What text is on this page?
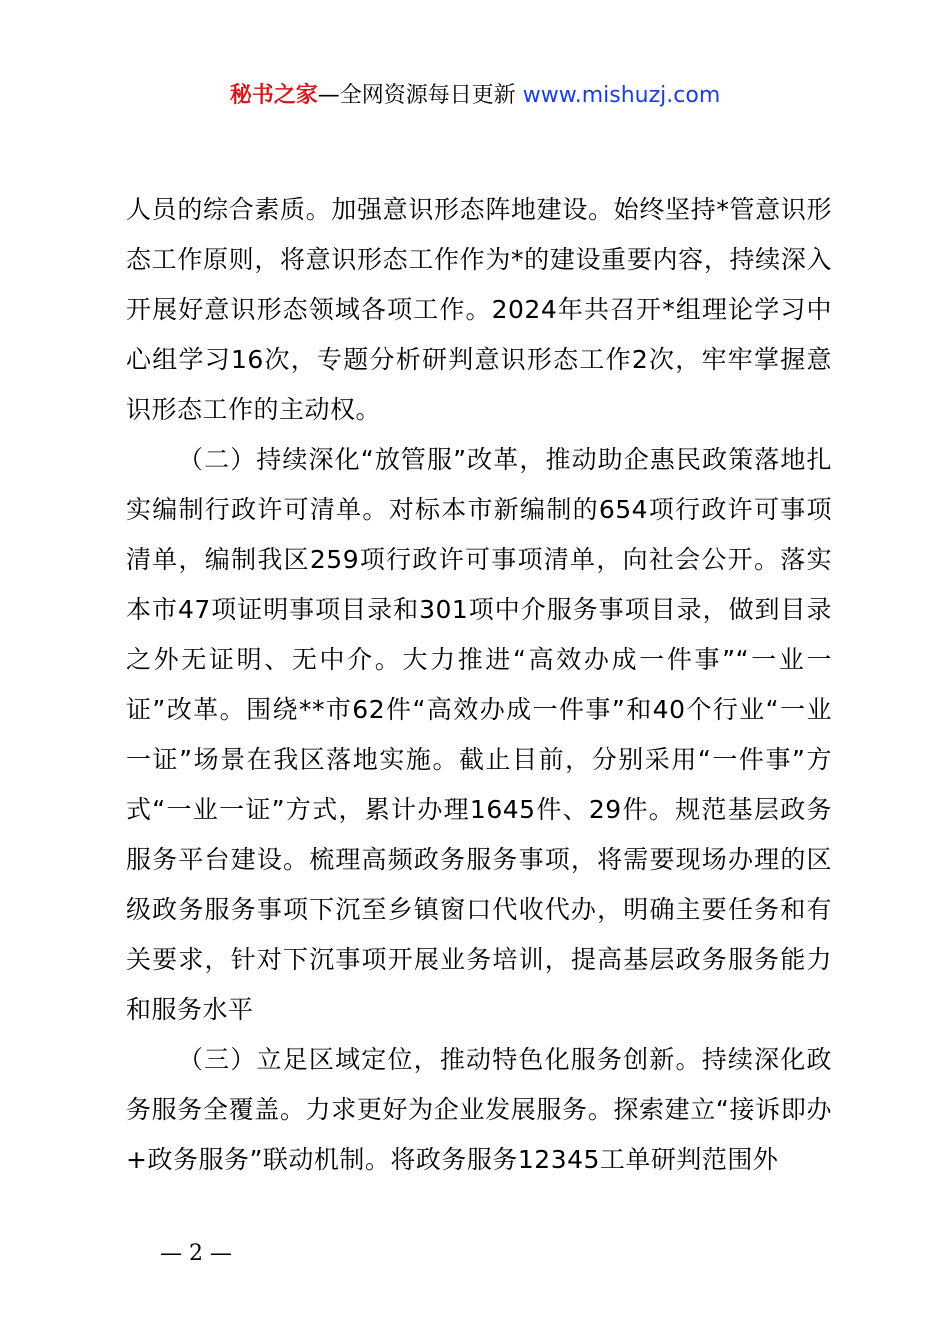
秘书之家—全网资源每日更新 www.mishuzj.com

人员的综合素质。加强意识形态阵地建设。始终坚持*管意识形态工作原则，将意识形态工作作为*的建设重要内容，持续深入开展好意识形态领域各项工作。2024年共召开*组理论学习中心组学习16次，专题分析研判意识形态工作2次，牢牢掌握意识形态工作的主动权。

（二）持续深化“放管服”改革，推动助企惠民政策落地扎实编制行政许可清单。对标本市新编制的654项行政许可事项清单，编制我区259项行政许可事项清单，向社会公开。落实本市47项证明事项目录和301项中介服务事项目录，做到目录之外无证明、无中介。大力推进“高效办成一件事”“一业一证”改革。围绕**市62件“高效办成一件事”和40个行业“一业一证”场景在我区落地实施。截止目前，分别采用“一件事”方式“一业一证”方式，累计办理1645件、29件。规范基层政务服务平台建设。梳理高频政务服务事项，将需要现场办理的区级政务服务事项下沉至乡镇窗口代收代办，明确主要任务和有关要求，针对下沉事项开展业务培训，提高基层政务服务能力和服务水平

（三）立足区域定位，推动特色化服务创新。持续深化政务服务全覆盖。力求更好为企业发展服务。探索建立“接诉即办+政务服务”联动机制。将政务服务12345工单研判范围外

— 2 —
